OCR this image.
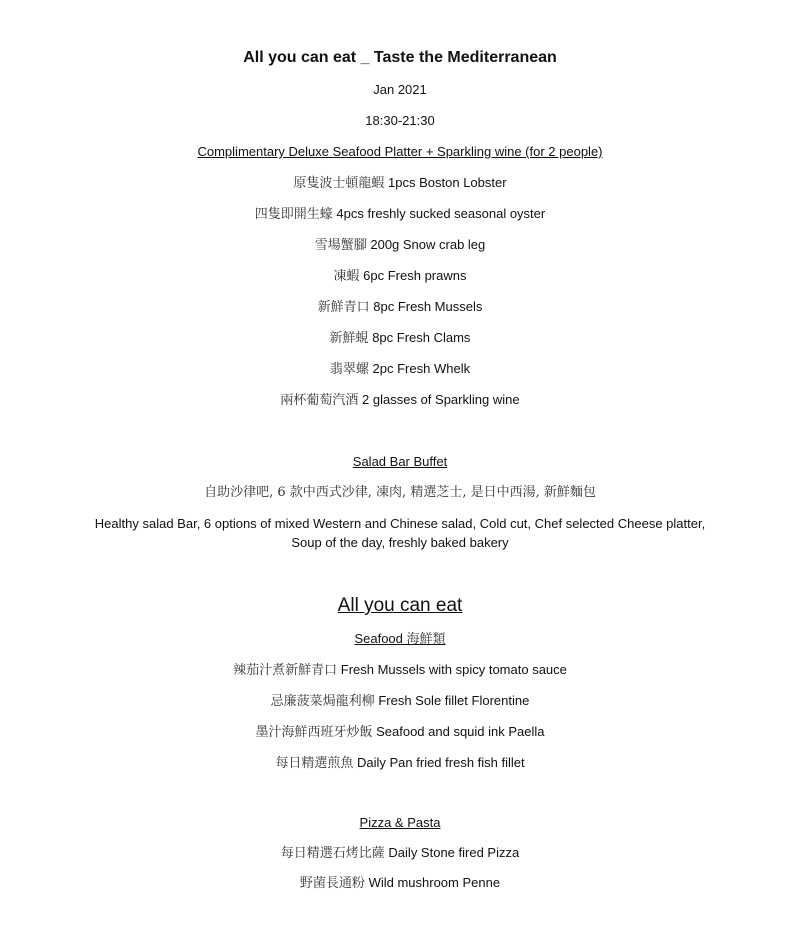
All you can eat _ Taste the Mediterranean
Jan 2021
18:30-21:30
Complimentary Deluxe Seafood Platter + Sparkling wine (for 2 people)
原隻波士頓龍蝦 1pcs Boston Lobster
四隻即開生蠔 4pcs freshly sucked seasonal oyster
雪場蟹腳 200g Snow crab leg
凍蝦 6pc Fresh prawns
新鮮青口 8pc Fresh Mussels
新鮮蜆 8pc Fresh Clams
翡翠螺 2pc Fresh Whelk
兩杯葡萄汽酒 2 glasses of Sparkling wine
Salad Bar Buffet
自助沙律吧, 6 款中西式沙律, 凍肉, 精選芝士, 是日中西湯, 新鮮麵包
Healthy salad Bar, 6 options of mixed Western and Chinese salad, Cold cut, Chef selected Cheese platter, Soup of the day, freshly baked bakery
All you can eat
Seafood 海鮮類
辣茄汁煮新鮮青口 Fresh Mussels with spicy tomato sauce
忌廉菠菜焗龍利柳 Fresh Sole fillet Florentine
墨汁海鮮西班牙炒飯 Seafood and squid ink Paella
每日精選煎魚 Daily Pan fried fresh fish fillet
Pizza & Pasta
每日精選石烤比薩 Daily Stone fired Pizza
野菌長通粉 Wild mushroom Penne
